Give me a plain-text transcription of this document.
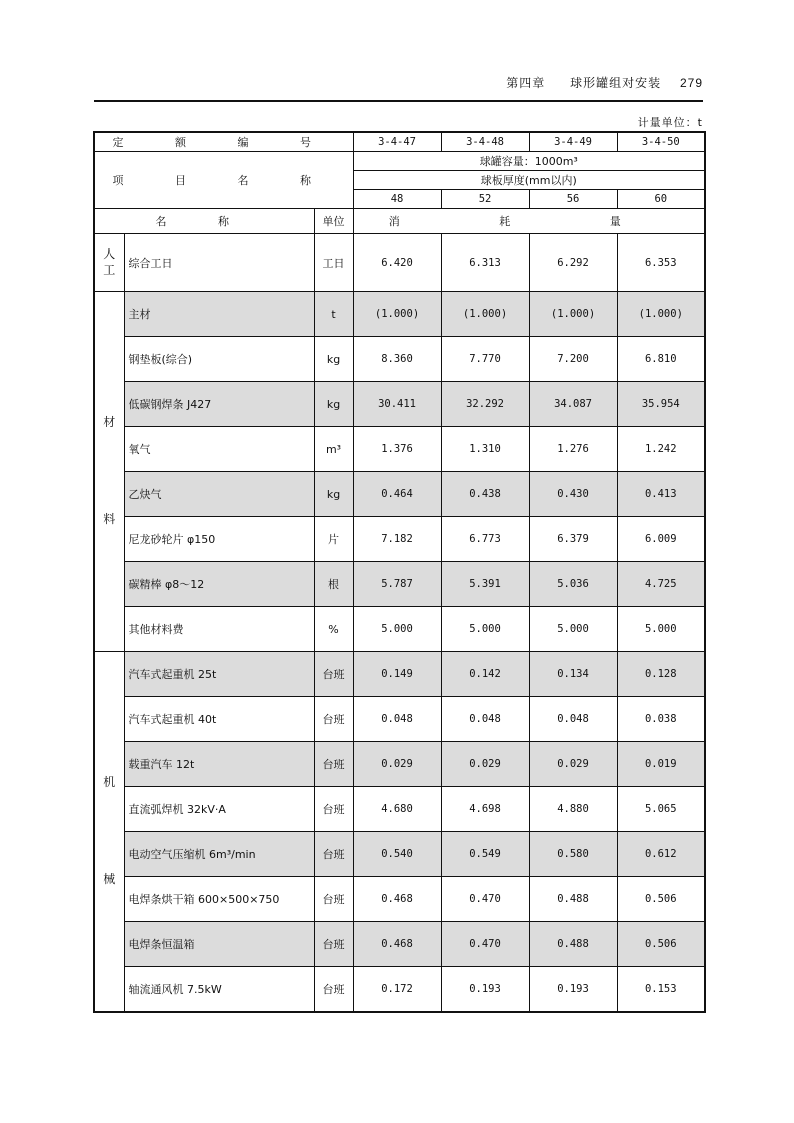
第四章 球形罐组对安装 279
计量单位：t
定 额 编 号			3-4-47	3-4-48	3-4-49	3-4-50
项 目 名 称			球罐容量：1000m³			
			球板厚度(mm以内)			
			48	52	56	60
名 称		单位	消 耗 量			

人
工	综合工日	工日	6.420	6.313	6.292	6.353

材
料	主材	t	(1.000)	(1.000)	(1.000)	(1.000)
	钢垫板(综合)	kg	8.360	7.770	7.200	6.810
	低碳钢焊条 J427	kg	30.411	32.292	34.087	35.954
	氧气	m³	1.376	1.310	1.276	1.242
	乙炔气	kg	0.464	0.438	0.430	0.413
	尼龙砂轮片 φ150	片	7.182	6.773	6.379	6.009
	碳精棒 φ8～12	根	5.787	5.391	5.036	4.725
	其他材料费	%	5.000	5.000	5.000	5.000

机
械	汽车式起重机 25t	台班	0.149	0.142	0.134	0.128
	汽车式起重机 40t	台班	0.048	0.048	0.048	0.038
	载重汽车 12t	台班	0.029	0.029	0.029	0.019
	直流弧焊机 32kV·A	台班	4.680	4.698	4.880	5.065
	电动空气压缩机 6m³/min	台班	0.540	0.549	0.580	0.612
	电焊条烘干箱 600×500×750	台班	0.468	0.470	0.488	0.506
	电焊条恒温箱	台班	0.468	0.470	0.488	0.506
	轴流通风机 7.5kW	台班	0.172	0.193	0.193	0.153
